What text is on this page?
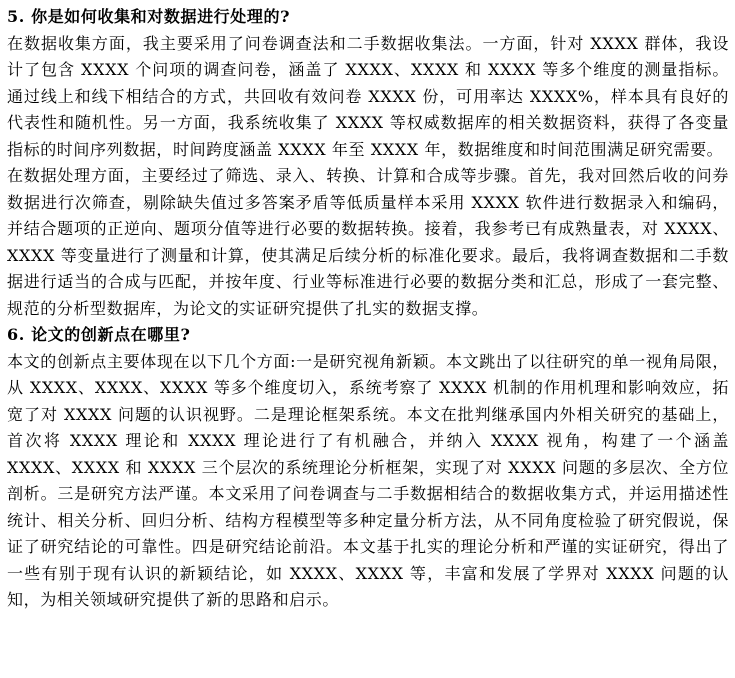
5. 你是如何收集和对数据进行处理的?

在数据收集方面，我主要采用了问卷调查法和二手数据收集法。一方面，针对 XXXX 群体，我设计了包含 XXXX 个问项的调查问卷，涵盖了 XXXX、XXXX 和 XXXX 等多个维度的测量指标。通过线上和线下相结合的方式，共回收有效问卷 XXXX 份，可用率达 XXXX%，样本具有良好的代表性和随机性。另一方面，我系统收集了 XXXX 等权威数据库的相关数据资料，获得了各变量指标的时间序列数据，时间跨度涵盖 XXXX 年至 XXXX 年，数据维度和时间范围满足研究需要。

在数据处理方面，主要经过了筛选、录入、转换、计算和合成等步骤。首先，我对回然后收的问券数据进行次筛查，剔除缺失值过多答案矛盾等低质量样本采用 XXXX 软件进行数据录入和编码，并结合题项的正逆向、题项分值等进行必要的数据转换。接着，我参考已有成熟量表，对 XXXX、XXXX 等变量进行了测量和计算，使其满足后续分析的标准化要求。最后，我将调查数据和二手数据进行适当的合成与匹配，并按年度、行业等标准进行必要的数据分类和汇总，形成了一套完整、规范的分析型数据库，为论文的实证研究提供了扎实的数据支撑。

6. 论文的创新点在哪里?

本文的创新点主要体现在以下几个方面:一是研究视角新颖。本文跳出了以往研究的单一视角局限，从 XXXX、XXXX、XXXX 等多个维度切入，系统考察了 XXXX 机制的作用机理和影响效应，拓宽了对 XXXX 问题的认识视野。二是理论框架系统。本文在批判继承国内外相关研究的基础上，首次将 XXXX 理论和 XXXX 理论进行了有机融合，并纳入 XXXX 视角，构建了一个涵盖 XXXX、XXXX 和 XXXX 三个层次的系统理论分析框架，实现了对 XXXX 问题的多层次、全方位剖析。三是研究方法严谨。本文采用了问卷调查与二手数据相结合的数据收集方式，并运用描述性统计、相关分析、回归分析、结构方程模型等多种定量分析方法，从不同角度检验了研究假说，保证了研究结论的可靠性。四是研究结论前沿。本文基于扎实的理论分析和严谨的实证研究，得出了一些有别于现有认识的新颖结论，如 XXXX、XXXX 等，丰富和发展了学界对 XXXX 问题的认知，为相关领域研究提供了新的思路和启示。
